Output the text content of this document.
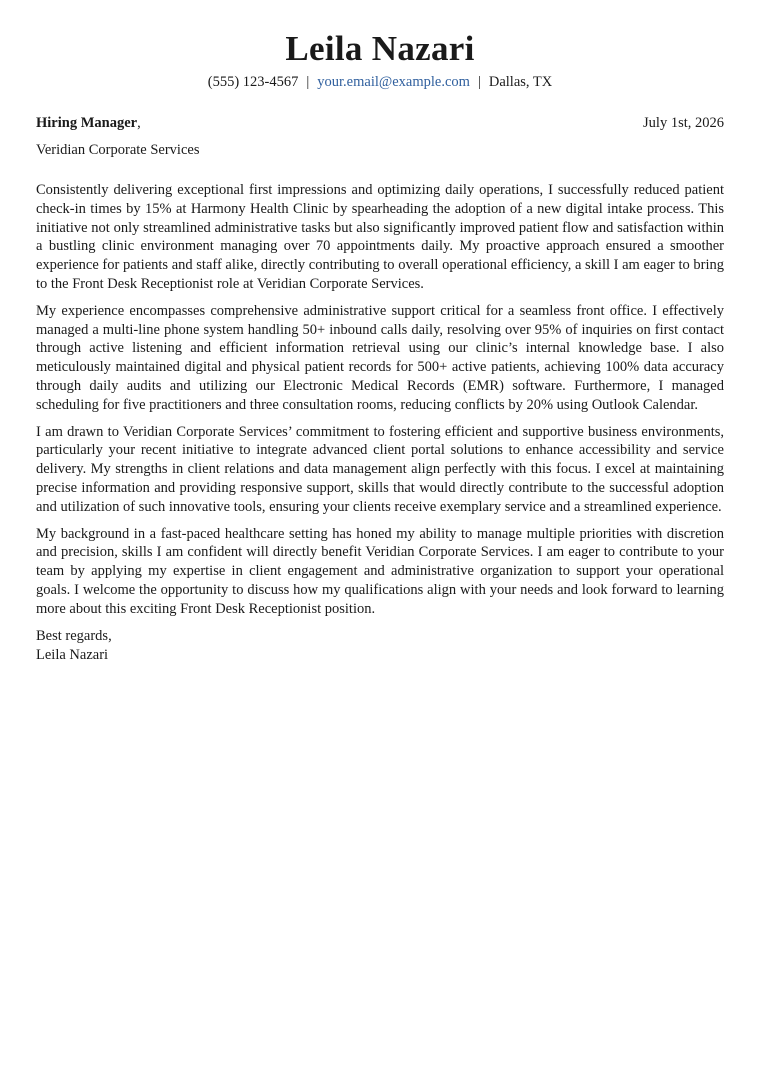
Leila Nazari
(555) 123-4567 | your.email@example.com | Dallas, TX
Hiring Manager,	July 1st, 2026
Veridian Corporate Services

Consistently delivering exceptional first impressions and optimizing daily operations, I successfully reduced patient check-in times by 15% at Harmony Health Clinic by spearheading the adoption of a new digital intake process. This initiative not only streamlined administrative tasks but also significantly improved patient flow and satisfaction within a bustling clinic environment managing over 70 appointments daily. My proactive approach ensured a smoother experience for patients and staff alike, directly contributing to overall operational efficiency, a skill I am eager to bring to the Front Desk Receptionist role at Veridian Corporate Services.

My experience encompasses comprehensive administrative support critical for a seamless front office. I effectively managed a multi-line phone system handling 50+ inbound calls daily, resolving over 95% of inquiries on first contact through active listening and efficient information retrieval using our clinic’s internal knowledge base. I also meticulously maintained digital and physical patient records for 500+ active patients, achieving 100% data accuracy through daily audits and utilizing our Electronic Medical Records (EMR) software. Furthermore, I managed scheduling for five practitioners and three consultation rooms, reducing conflicts by 20% using Outlook Calendar.

I am drawn to Veridian Corporate Services’ commitment to fostering efficient and supportive business environments, particularly your recent initiative to integrate advanced client portal solutions to enhance accessibility and service delivery. My strengths in client relations and data management align perfectly with this focus. I excel at maintaining precise information and providing responsive support, skills that would directly contribute to the successful adoption and utilization of such innovative tools, ensuring your clients receive exemplary service and a streamlined experience.

My background in a fast-paced healthcare setting has honed my ability to manage multiple priorities with discretion and precision, skills I am confident will directly benefit Veridian Corporate Services. I am eager to contribute to your team by applying my expertise in client engagement and administrative organization to support your operational goals. I welcome the opportunity to discuss how my qualifications align with your needs and look forward to learning more about this exciting Front Desk Receptionist position.

Best regards,
Leila Nazari
